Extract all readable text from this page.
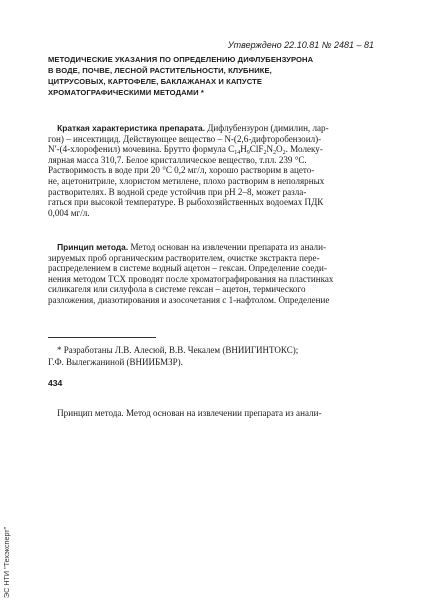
Утверждено 22.10.81 № 2481 – 81
МЕТОДИЧЕСКИЕ УКАЗАНИЯ ПО ОПРЕДЕЛЕНИЮ ДИФЛУБЕНЗУРОНА
В ВОДЕ, ПОЧВЕ, ЛЕСНОЙ РАСТИТЕЛЬНОСТИ, КЛУБНИКЕ,
ЦИТРУСОВЫХ, КАРТОФЕЛЕ, БАКЛАЖАНАХ И КАПУСТЕ
ХРОМАТОГРАФИЧЕСКИМИ МЕТОДАМИ *
Краткая характеристика препарата. Дифлубензурон (димилин, лар-
гон) – инсектицид. Действующее вещество – N-(2,6-дифторобензоил)-
N′-(4-хлорофенил) мочевина. Брутто формула $C_{14}H_9ClF_2N_2O_2$. Молеку-
лярная масса 310,7. Белое кристаллическое вещество, т.пл. 239 °С.
Растворимость в воде при 20 °С 0,2 мг/л, хорошо растворим в ацето-
не, ацетонитриле, хлористом метилене, плохо растворим в неполярных
растворителях. В водной среде устойчив при pH 2–8, может разла-
гаться при высокой температуре. В рыбохозяйственных водоемах ПДК
0,004 мг/л.
Принцип метода. Метод основан на извлечении препарата из анали-
зируемых проб органическим растворителем, очистке экстракта пере-
распределением в системе водный ацетон – гексан. Определение соеди-
нения методом ТСХ проводят после хроматографирования на пластинках
силикагеля или силуфола в системе гексан – ацетон, термического
разложения, диазотирования и азосочетания с 1-нафтолом. Определение
* Разработаны Л.В. Алесюй, В.В. Чекалем (ВНИИГИНТОКС);
Г.Ф. Вылегжаниной (ВНИИБМЗР).
434
Принцип метода. Метод основан на извлечении препарата из анали-
ЭС НТИ "Техэксперт"
